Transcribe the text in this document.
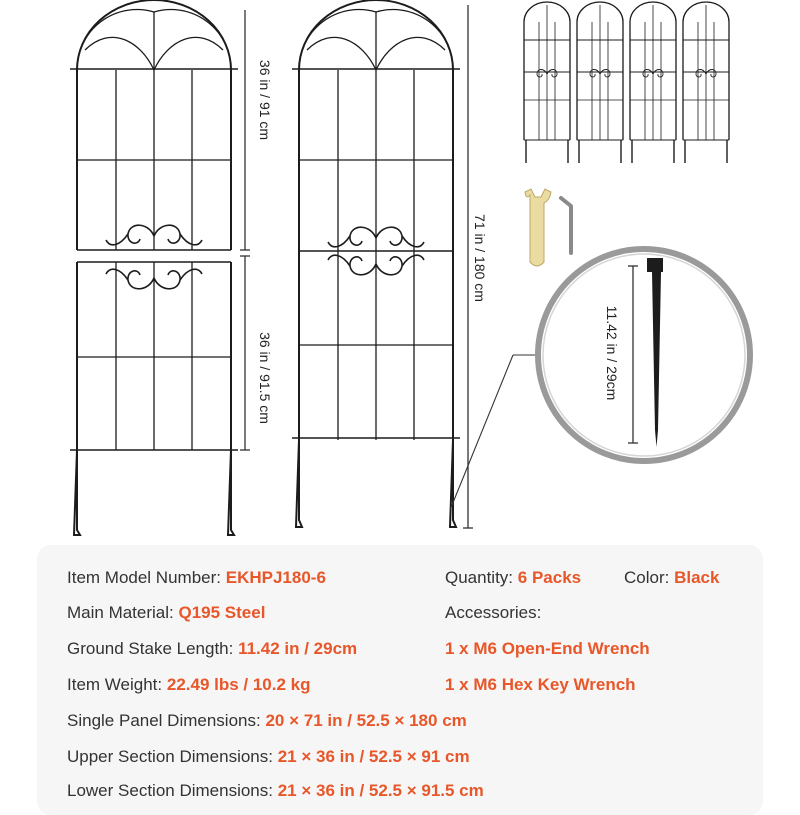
36 in / 91 cm
36 in / 91.5 cm
71 in / 180 cm
11.42 in / 29cm
Item Model Number: EKHPJ180-6	Quantity: 6 Packs	Color: Black
Main Material: Q195 Steel	Accessories:
Ground Stake Length: 11.42 in / 29cm	1 x M6 Open-End Wrench
Item Weight: 22.49 lbs / 10.2 kg	1 x M6 Hex Key Wrench
Single Panel Dimensions: 20 × 71 in / 52.5 × 180 cm
Upper Section Dimensions: 21 × 36 in / 52.5 × 91 cm
Lower Section Dimensions: 21 × 36 in / 52.5 × 91.5 cm
